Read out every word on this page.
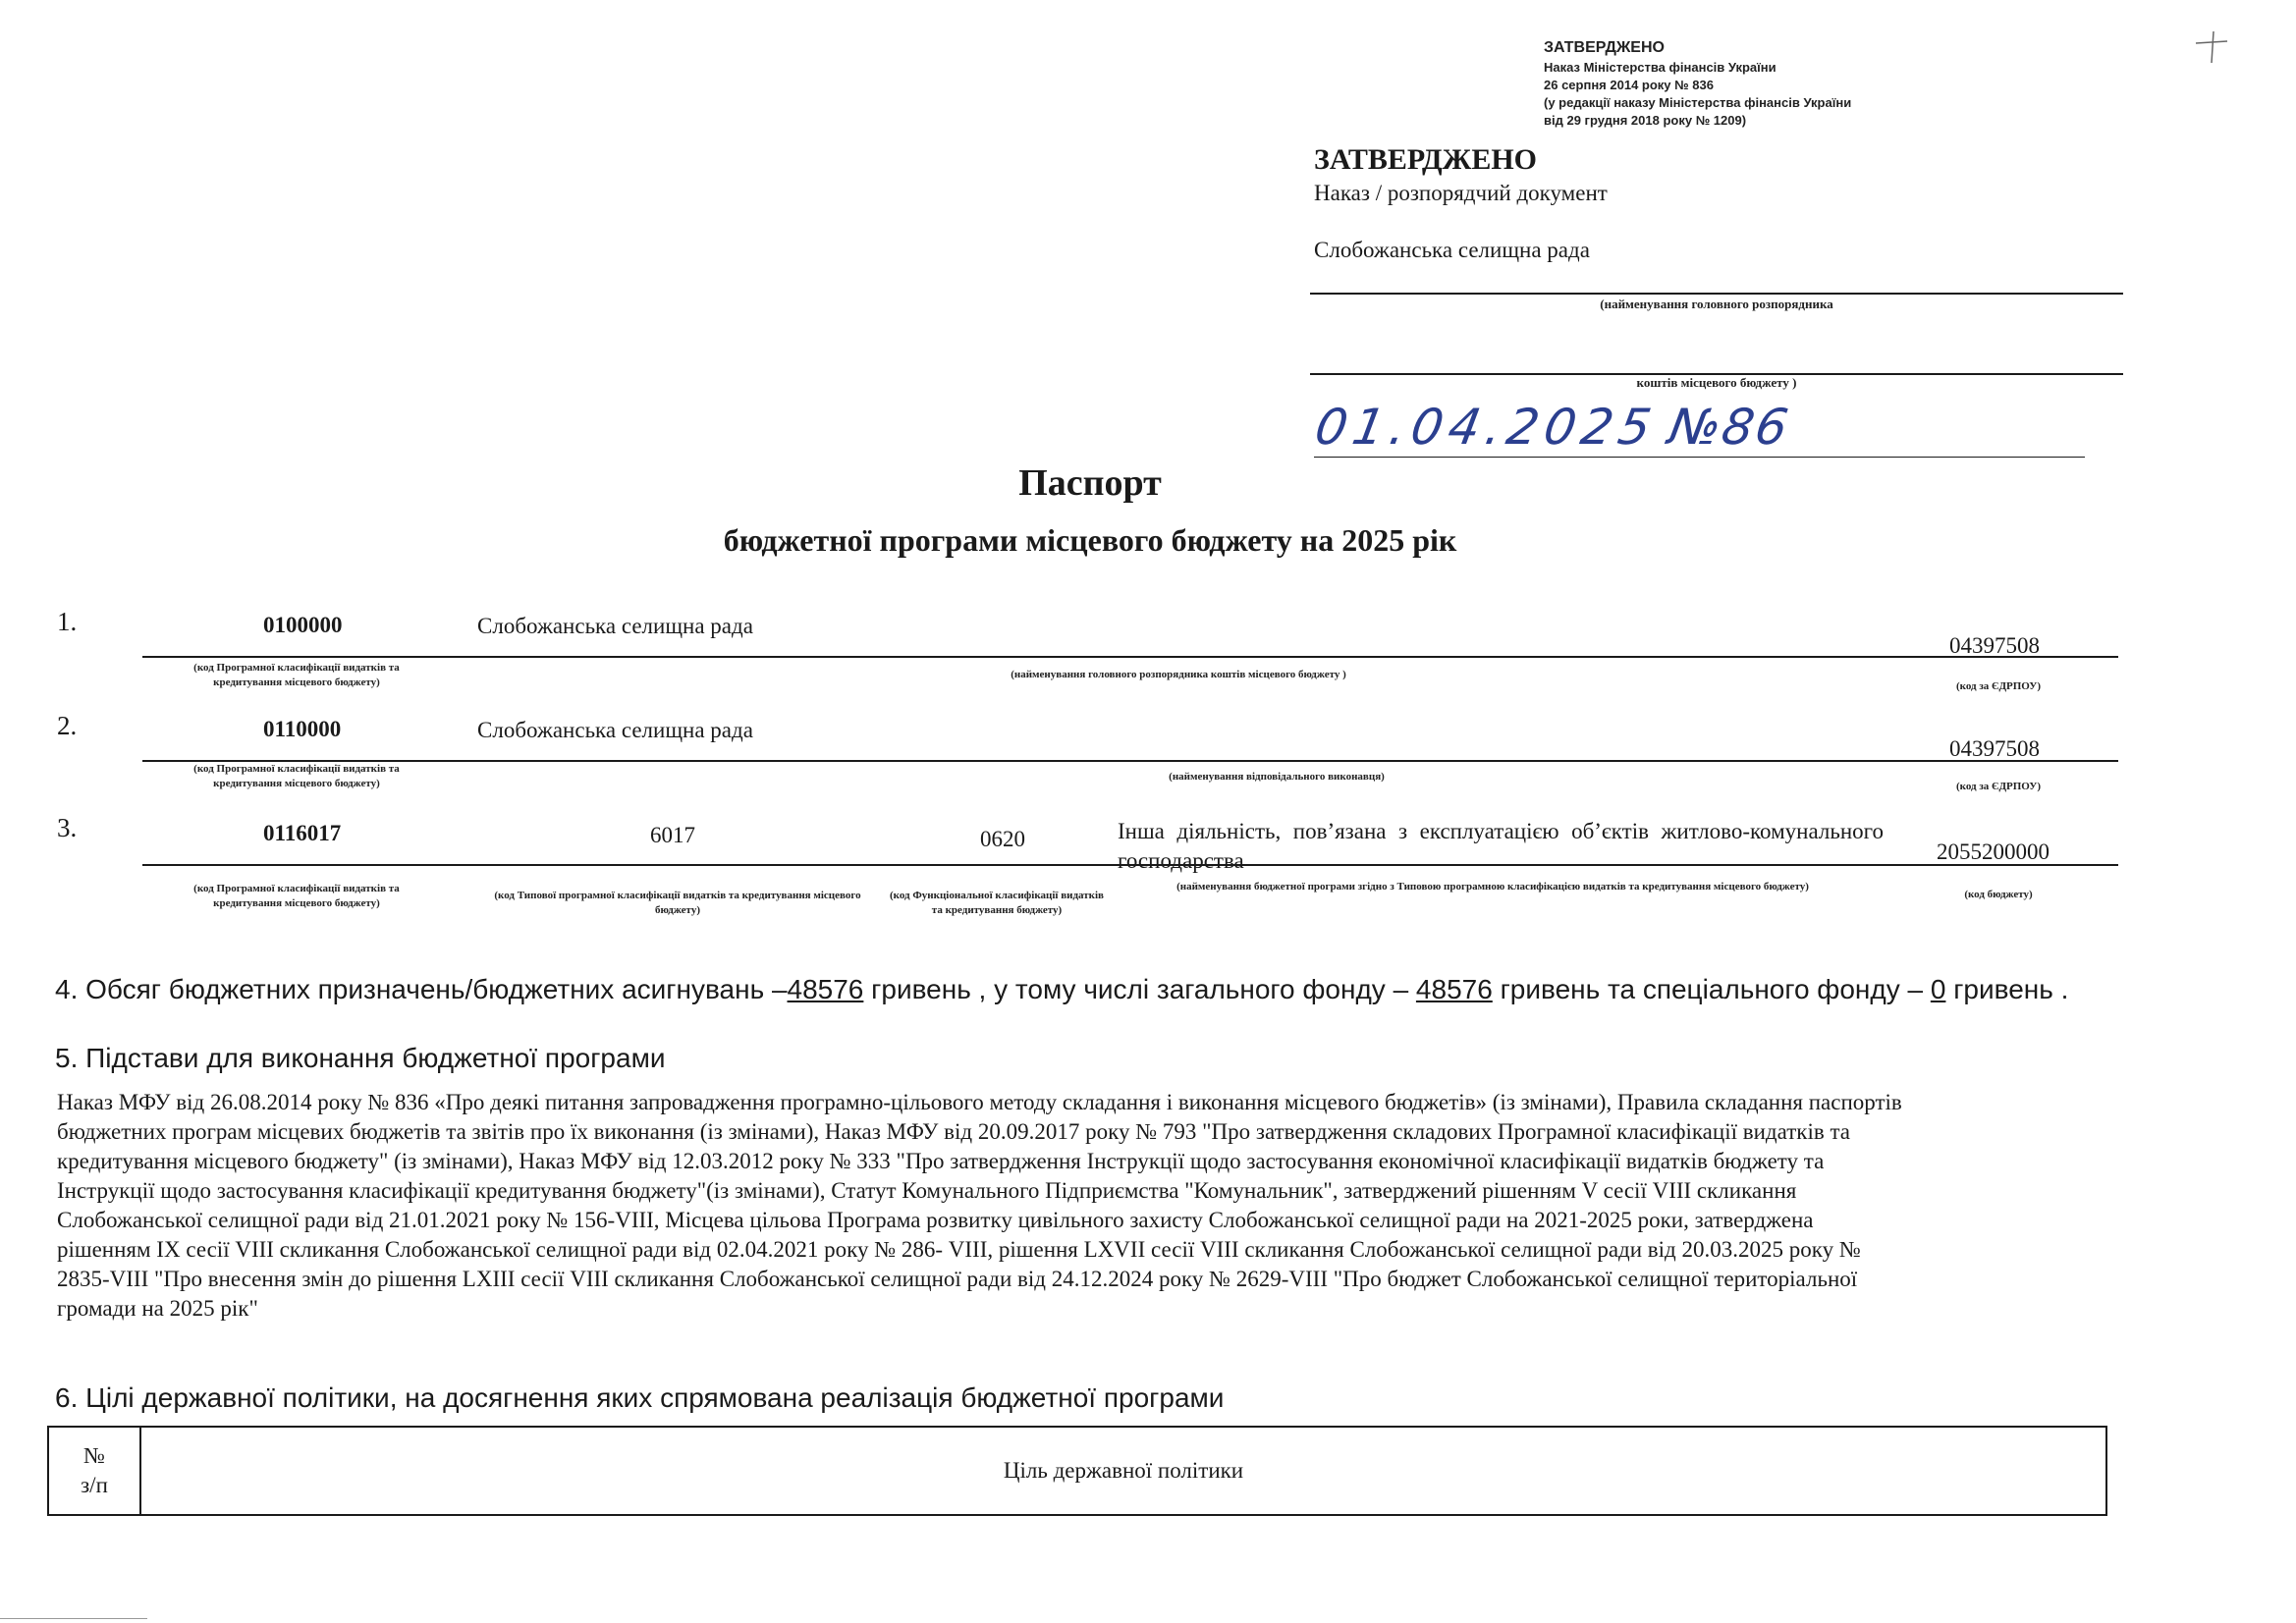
ЗАТВЕРДЖЕНО
Наказ Міністерства фінансів України
26 серпня 2014 року № 836
(у редакції наказу Міністерства фінансів України
від 29 грудня 2018 року № 1209)
ЗАТВЕРДЖЕНО
Наказ / розпорядчий документ
Слобожанська селищна рада
(найменування головного розпорядника
коштів місцевого бюджету )
01.04.2025 №86
Паспорт
бюджетної програми місцевого бюджету на 2025 рік
1.	0100000	Слобожанська селищна рада
04397508
(код Програмної класифікації видатків та кредитування місцевого бюджету)
(найменування головного розпорядника коштів місцевого бюджету )
(код за ЄДРПОУ)
2.	0110000	Слобожанська селищна рада
04397508
(код Програмної класифікації видатків та кредитування місцевого бюджету)
(найменування відповідального виконавця)
(код за ЄДРПОУ)
3.	0116017	6017	0620	Інша діяльність, пов’язана з експлуатацією об’єктів житлово-комунального господарства	2055200000
(код Програмної класифікації видатків та кредитування місцевого бюджету)
(код Типової програмної класифікації видатків та кредитування місцевого бюджету)
(код Функціональної класифікації видатків та кредитування бюджету)
(найменування бюджетної програми згідно з Типовою програмною класифікацією видатків та кредитування місцевого бюджету)
(код бюджету)
4. Обсяг бюджетних призначень/бюджетних асигнувань –48576 гривень , у тому числі загального фонду – 48576 гривень та спеціального фонду – 0 гривень .
5. Підстави для виконання бюджетної програми
Наказ МФУ від 26.08.2014 року № 836 «Про деякі питання запровадження програмно-цільового методу складання і виконання місцевого бюджетів» (із змінами), Правила складання паспортів
бюджетних програм місцевих бюджетів та звітів про їх виконання (із змінами), Наказ МФУ від 20.09.2017 року № 793 "Про затвердження складових Програмної класифікації видатків та
кредитування місцевого бюджету" (із змінами), Наказ МФУ від 12.03.2012 року № 333 "Про затвердження Інструкції щодо застосування економічної класифікації видатків бюджету та
Інструкції щодо застосування класифікації кредитування бюджету"(із змінами), Статут Комунального Підприємства "Комунальник", затверджений рішенням V сесії VIII скликання
Слобожанської селищної ради від 21.01.2021 року № 156-VIII, Місцева цільова Програма розвитку цивільного захисту Слобожанської селищної ради на 2021-2025 роки, затверджена
рішенням ІХ сесії VIII скликання Слобожанської селищної ради від 02.04.2021 року № 286- VIII, рішення LXVII сесії VIII скликання Слобожанської селищної ради від 20.03.2025 року №
2835-VIII "Про внесення змін до рішення LXIII сесії VIII скликання Слобожанської селищної ради від 24.12.2024 року № 2629-VIII "Про бюджет Слобожанської селищної територіальної
громади на 2025 рік"
6. Цілі державної політики, на досягнення яких спрямована реалізація бюджетної програми
№
з/п
	Ціль державної політики
